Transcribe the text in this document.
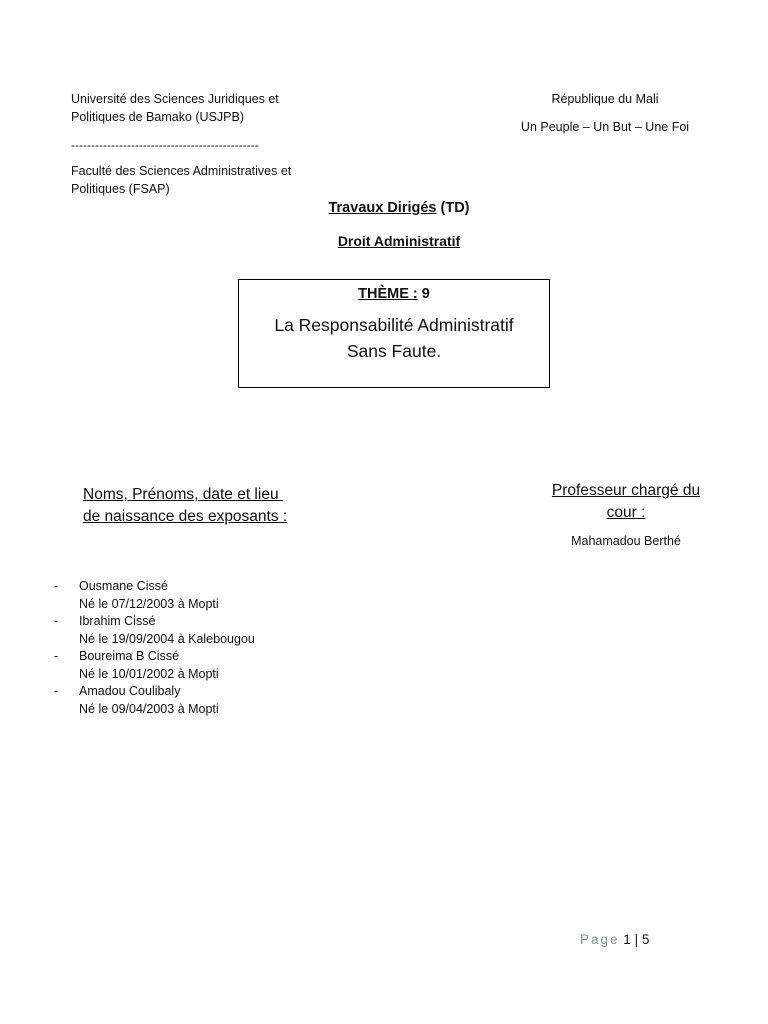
Université des Sciences Juridiques et Politiques de Bamako (USJPB)
-----------------------------------------------
Faculté des Sciences Administratives et Politiques (FSAP)
République du Mali
Un Peuple – Un But – Une Foi
Travaux Dirigés (TD)
Droit Administratif
THÈME : 9
La Responsabilité Administratif
Sans Faute.
Noms, Prénoms, date et lieu
de naissance des exposants :
Professeur chargé du
cour :
Mahamadou Berthé
- Ousmane Cissé
Né le 07/12/2003 à Mopti
- Ibrahim Cissé
Né le 19/09/2004 à Kalebougou
- Boureima B Cissé
Né le 10/01/2002 à Mopti
- Amadou Coulibaly
Né le 09/04/2003 à Mopti
Page 1 | 5
